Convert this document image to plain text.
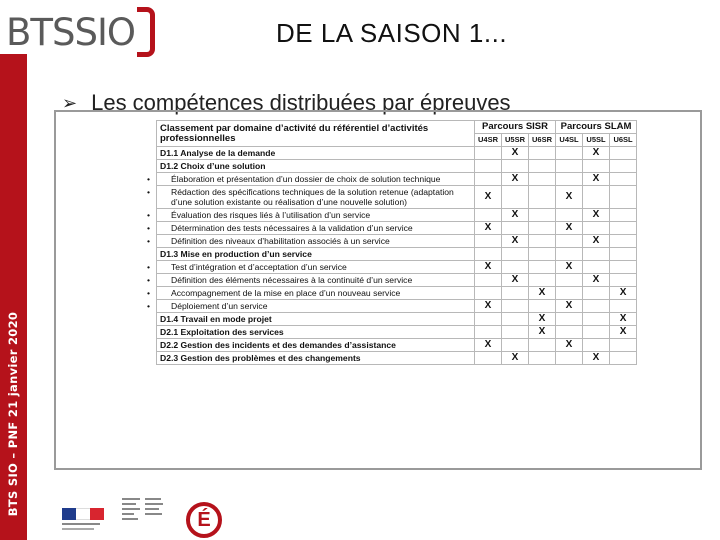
BTS SIO	DE LA SAISON 1...
BTS SIO – PNF 21 janvier 2020
➢ Les compétences distribuées par épreuves
Classement par domaine d’activité du référentiel d’activités professionnelles	Parcours SISR			Parcours SLAM		
	U4SR	U5SR	U6SR	U4SL	U5SL	U6SL
D1.1 Analyse de la demande		X			X	
D1.2 Choix d’une solution						
• Élaboration et présentation d’un dossier de choix de solution technique		X			X	
• Rédaction des spécifications techniques de la solution retenue (adaptation d’une solution existante ou réalisation d’une nouvelle solution)	X			X		
• Évaluation des risques liés à l’utilisation d’un service		X			X	
• Détermination des tests nécessaires à la validation d’un service	X			X		
• Définition des niveaux d’habilitation associés à un service		X			X	
D1.3 Mise en production d’un service						
• Test d’intégration et d’acceptation d’un service	X			X		
• Définition des éléments nécessaires à la continuité d’un service		X			X	
• Accompagnement de la mise en place d’un nouveau service			X			X
• Déploiement d’un service	X			X		
D1.4 Travail en mode projet			X			X
D2.1 Exploitation des services			X			X
D2.2 Gestion des incidents et des demandes d’assistance	X			X		
D2.3 Gestion des problèmes et des changements		X			X	
É
